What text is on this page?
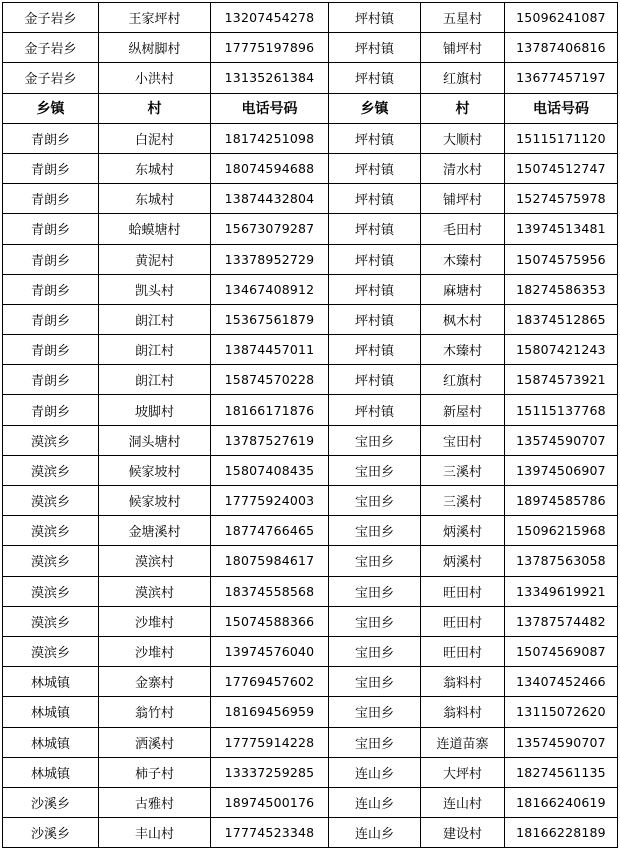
金子岩乡	王家坪村	13207454278	坪村镇	五星村	15096241087
金子岩乡	纵树脚村	17775197896	坪村镇	铺坪村	13787406816
金子岩乡	小洪村	13135261384	坪村镇	红旗村	13677457197
乡镇	村	电话号码	乡镇	村	电话号码
青朗乡	白泥村	18174251098	坪村镇	大顺村	15115171120
青朗乡	东城村	18074594688	坪村镇	清水村	15074512747
青朗乡	东城村	13874432804	坪村镇	铺坪村	15274575978
青朗乡	蛤蟆塘村	15673079287	坪村镇	毛田村	13974513481
青朗乡	黄泥村	13378952729	坪村镇	木臻村	15074575956
青朗乡	凯头村	13467408912	坪村镇	麻塘村	18274586353
青朗乡	朗江村	15367561879	坪村镇	枫木村	18374512865
青朗乡	朗江村	13874457011	坪村镇	木臻村	15807421243
青朗乡	朗江村	15874570228	坪村镇	红旗村	15874573921
青朗乡	坡脚村	18166171876	坪村镇	新屋村	15115137768
漠滨乡	洞头塘村	13787527619	宝田乡	宝田村	13574590707
漠滨乡	候家坡村	15807408435	宝田乡	三溪村	13974506907
漠滨乡	候家坡村	17775924003	宝田乡	三溪村	18974585786
漠滨乡	金塘溪村	18774766465	宝田乡	炳溪村	15096215968
漠滨乡	漠滨村	18075984617	宝田乡	炳溪村	13787563058
漠滨乡	漠滨村	18374558568	宝田乡	旺田村	13349619921
漠滨乡	沙堆村	15074588366	宝田乡	旺田村	13787574482
漠滨乡	沙堆村	13974576040	宝田乡	旺田村	15074569087
林城镇	金寨村	17769457602	宝田乡	翁料村	13407452466
林城镇	翁竹村	18169456959	宝田乡	翁料村	13115072620
林城镇	洒溪村	17775914228	宝田乡	连道苗寨	13574590707
林城镇	柿子村	13337259285	连山乡	大坪村	18274561135
沙溪乡	古雅村	18974500176	连山乡	连山村	18166240619
沙溪乡	丰山村	17774523348	连山乡	建设村	18166228189
